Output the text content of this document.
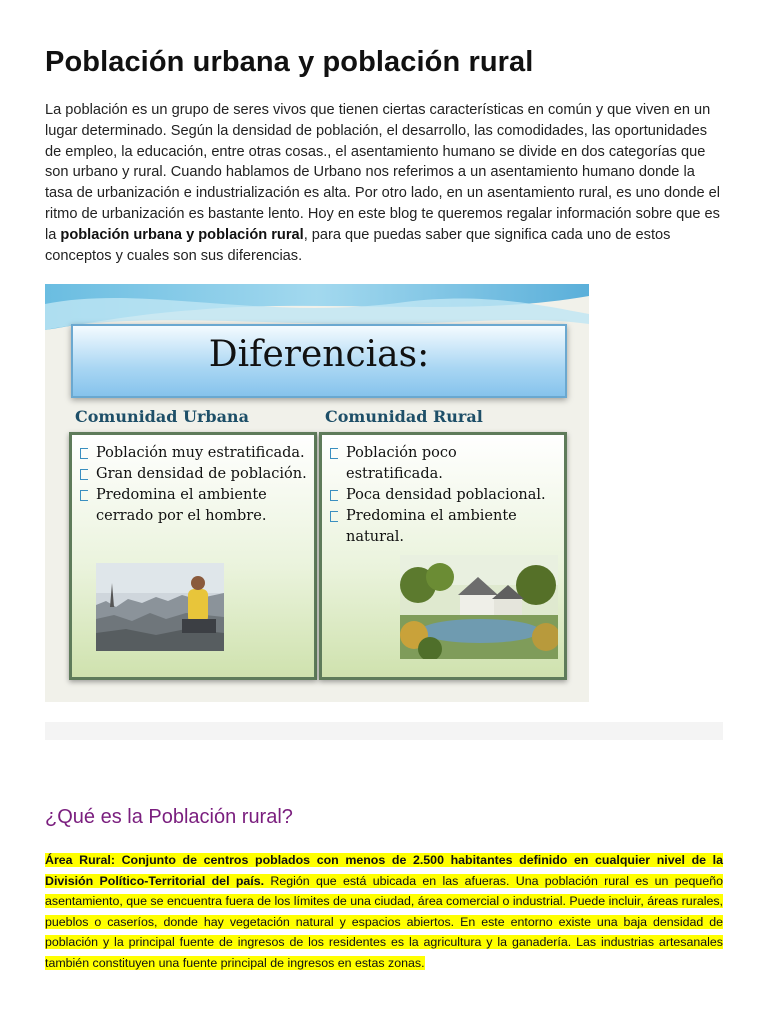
Población urbana y población rural

La población es un grupo de seres vivos que tienen ciertas características en común y que viven en un lugar determinado. Según la densidad de población, el desarrollo, las comodidades, las oportunidades de empleo, la educación, entre otras cosas., el asentamiento humano se divide en dos categorías que son urbano y rural. Cuando hablamos de Urbano nos referimos a un asentamiento humano donde la tasa de urbanización e industrialización es alta. Por otro lado, en un asentamiento rural, es uno donde el ritmo de urbanización es bastante lento. Hoy en este blog te queremos regalar información sobre que es la población urbana y población rural, para que puedas saber que significa cada uno de estos conceptos y cuales son sus diferencias.

Diferencias:
Comunidad Urbana	Comunidad Rural
Población muy estratificada.
Gran densidad de población.
Predomina el ambiente cerrado por el hombre.
Población poco estratificada.
Poca densidad poblacional.
Predomina el ambiente natural.
¿Qué es la Población rural?

Área Rural: Conjunto de centros poblados con menos de 2.500 habitantes definido en cualquier nivel de la División Político-Territorial del país. Región que está ubicada en las afueras. Una población rural es un pequeño asentamiento, que se encuentra fuera de los límites de una ciudad, área comercial o industrial. Puede incluir, áreas rurales, pueblos o caseríos, donde hay vegetación natural y espacios abiertos. En este entorno existe una baja densidad de población y la principal fuente de ingresos de los residentes es la agricultura y la ganadería. Las industrias artesanales también constituyen una fuente principal de ingresos en estas zonas.
